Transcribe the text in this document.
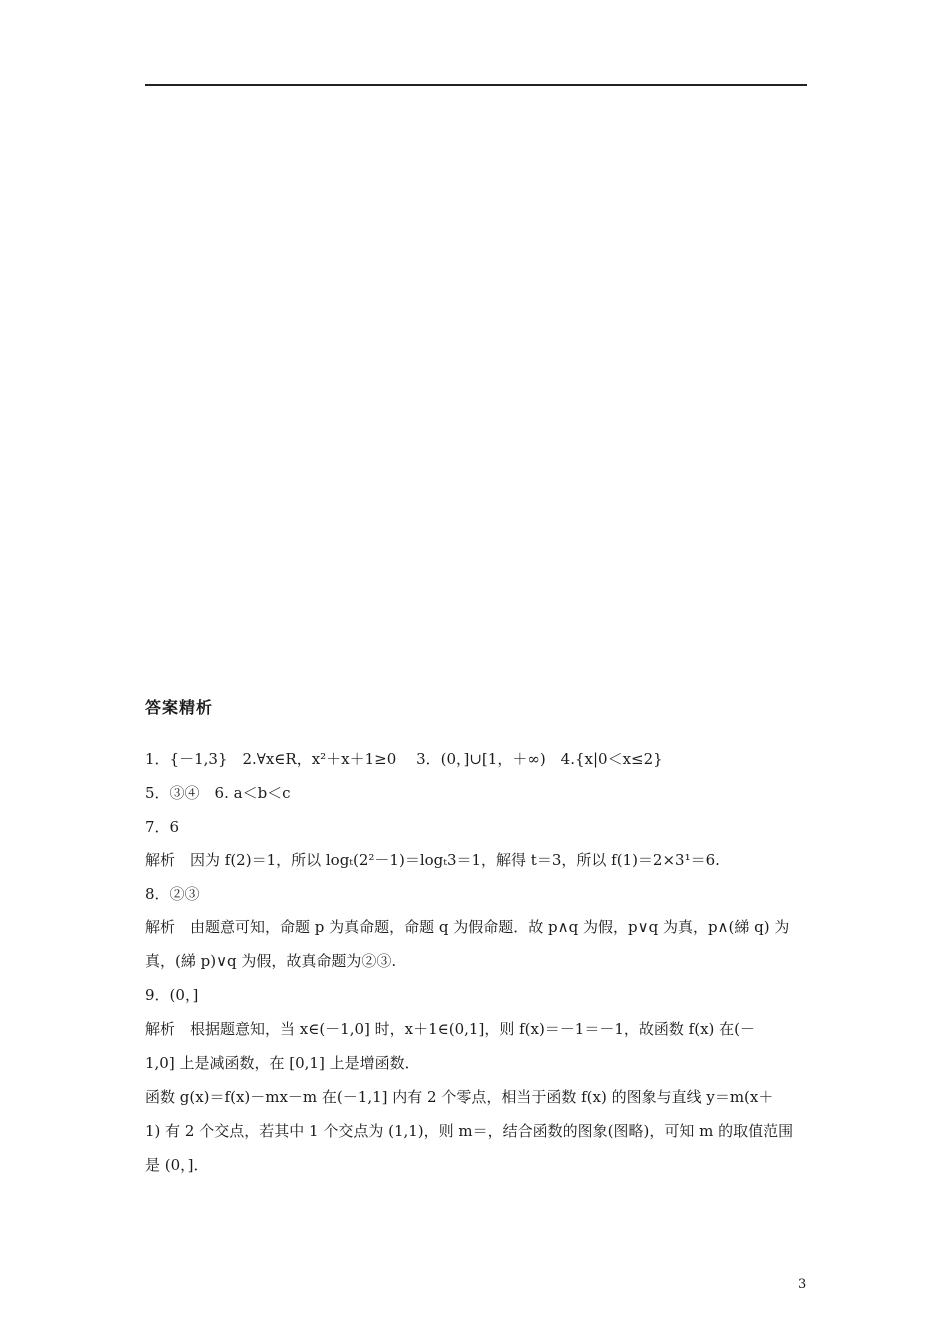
答案精析
1．{－1,3}　2.∀x∈R，x²＋x＋1≥0　 3．(0，]∪[1，＋∞)　4.{x|0＜x≤2}
5．③④　6. a＜b＜c
7．6
解析　因为 f(2)＝1，所以 logₜ(2²－1)＝logₜ3＝1，解得 t＝3，所以 f(1)＝2×3¹＝6.
8．②③
解析　由题意可知，命题 p 为真命题，命题 q 为假命题．故 p∧q 为假，p∨q 为真，p∧(綈 q) 为
真，(綈 p)∨q 为假，故真命题为②③.
9．(0，]
解析　根据题意知，当 x∈(－1,0] 时，x＋1∈(0,1]，则 f(x)＝－1＝－1，故函数 f(x) 在(－
1,0] 上是减函数，在 [0,1] 上是增函数．
函数 g(x)＝f(x)－mx－m 在(－1,1] 内有 2 个零点，相当于函数 f(x) 的图象与直线 y＝m(x＋
1) 有 2 个交点，若其中 1 个交点为 (1,1)，则 m＝，结合函数的图象(图略)，可知 m 的取值范围
是 (0，]．
3
